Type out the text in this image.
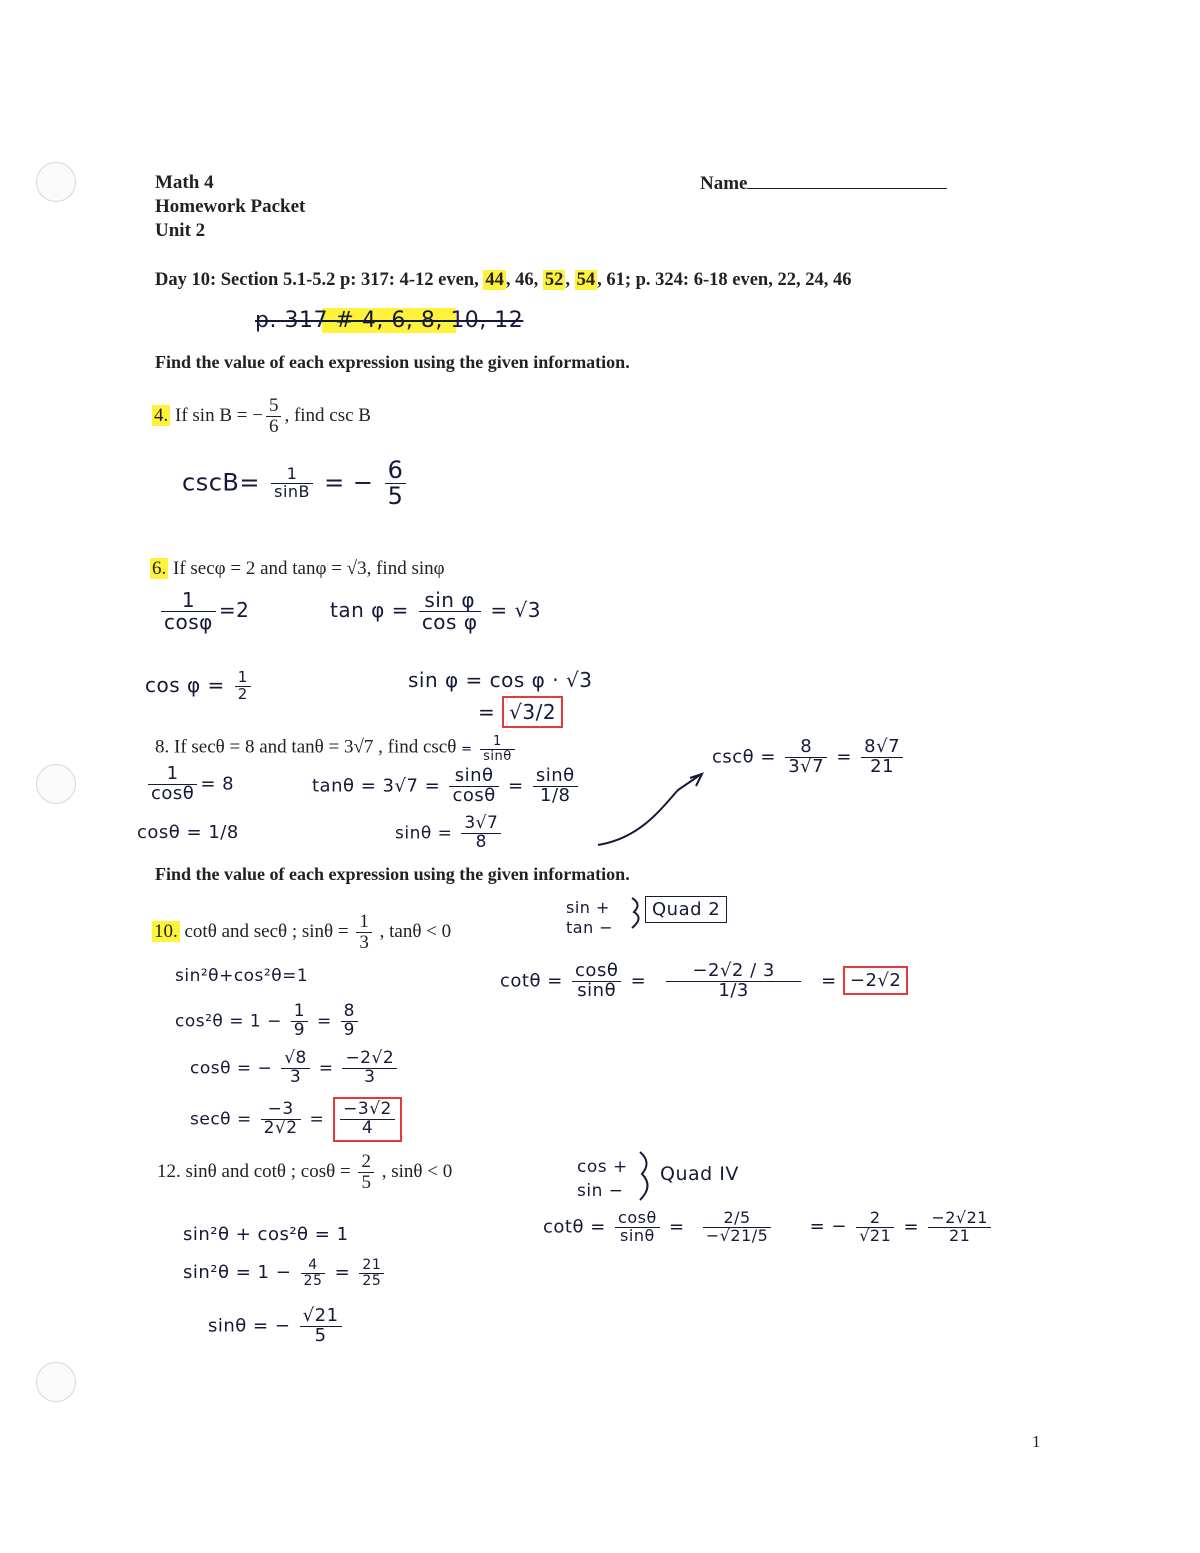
Math 4
Homework Packet
Unit 2
Name
Day 10: Section 5.1-5.2 p: 317: 4-12 even, 44 , 46, 52 , 54 , 61; p. 324: 6-18 even, 22, 24, 46
p. 317 # 4, 6, 8, 10, 12
Find the value of each expression using the given information.
4. If sin B = − $\frac{5}{6}$ , find csc B
$\csc B= \frac{1}{\sin B}$ = − $\frac{6}{5}$
6. If secφ = 2 and tanφ = √3, find sinφ
$\frac{1}{\cos\varphi} =2$	$\tan \varphi = \frac{\text{sin φ}}{\text{cos φ}} = √3$
$\cos \varphi = \frac{1}{2}$	sin φ = cos φ · √3
= √3/2
8. If secθ = 8 and tanθ = 3√7 , find $\csc\theta = \frac{1}{\sin\theta}$
$\frac{1}{\cos\theta} = 8$
cosθ = 1/8
$\tan\theta = 3√7 = \frac{\sin\theta}{\cos\theta} = \frac{\sin\theta}{1/8}$
$\sin\theta = \frac{3√7}{8}$
$\csc\theta = \frac{8}{3√7} = \frac{8√7}{21}$
Find the value of each expression using the given information.
10. cotθ and secθ ; $\sin\theta = \frac{1}{3}$ , tanθ < 0
sin +
tan −
Quad 2
sin²θ+cos²θ=1
$\cos^2\theta = 1 - \frac{1}{9} = \frac{8}{9}$
cosθ = − $\frac{√8}{3} = \frac{-2√2}{3}$
$\sec\theta = \frac{-3}{2√2} = \frac{-3√2}{4}$
$\cot\theta = \frac{\cos\theta}{\sin\theta} = \frac{-2√2 / 3}{1/3} = -2√2$
12. sinθ and cotθ ; $\cos\theta = \frac{2}{5}$ , sinθ < 0	cos +
sin −
Quad IV
sin²θ + cos²θ = 1
$\sin^2\theta = 1 - \frac{4}{25} = \frac{21}{25}$
sinθ = − $\frac{√21}{5}$
$\cot\theta = \frac{\cos\theta}{\sin\theta} = \frac{2/5}{-√21/5}$ = − $\frac{2}{√21} = \frac{-2√21}{21}$
1
